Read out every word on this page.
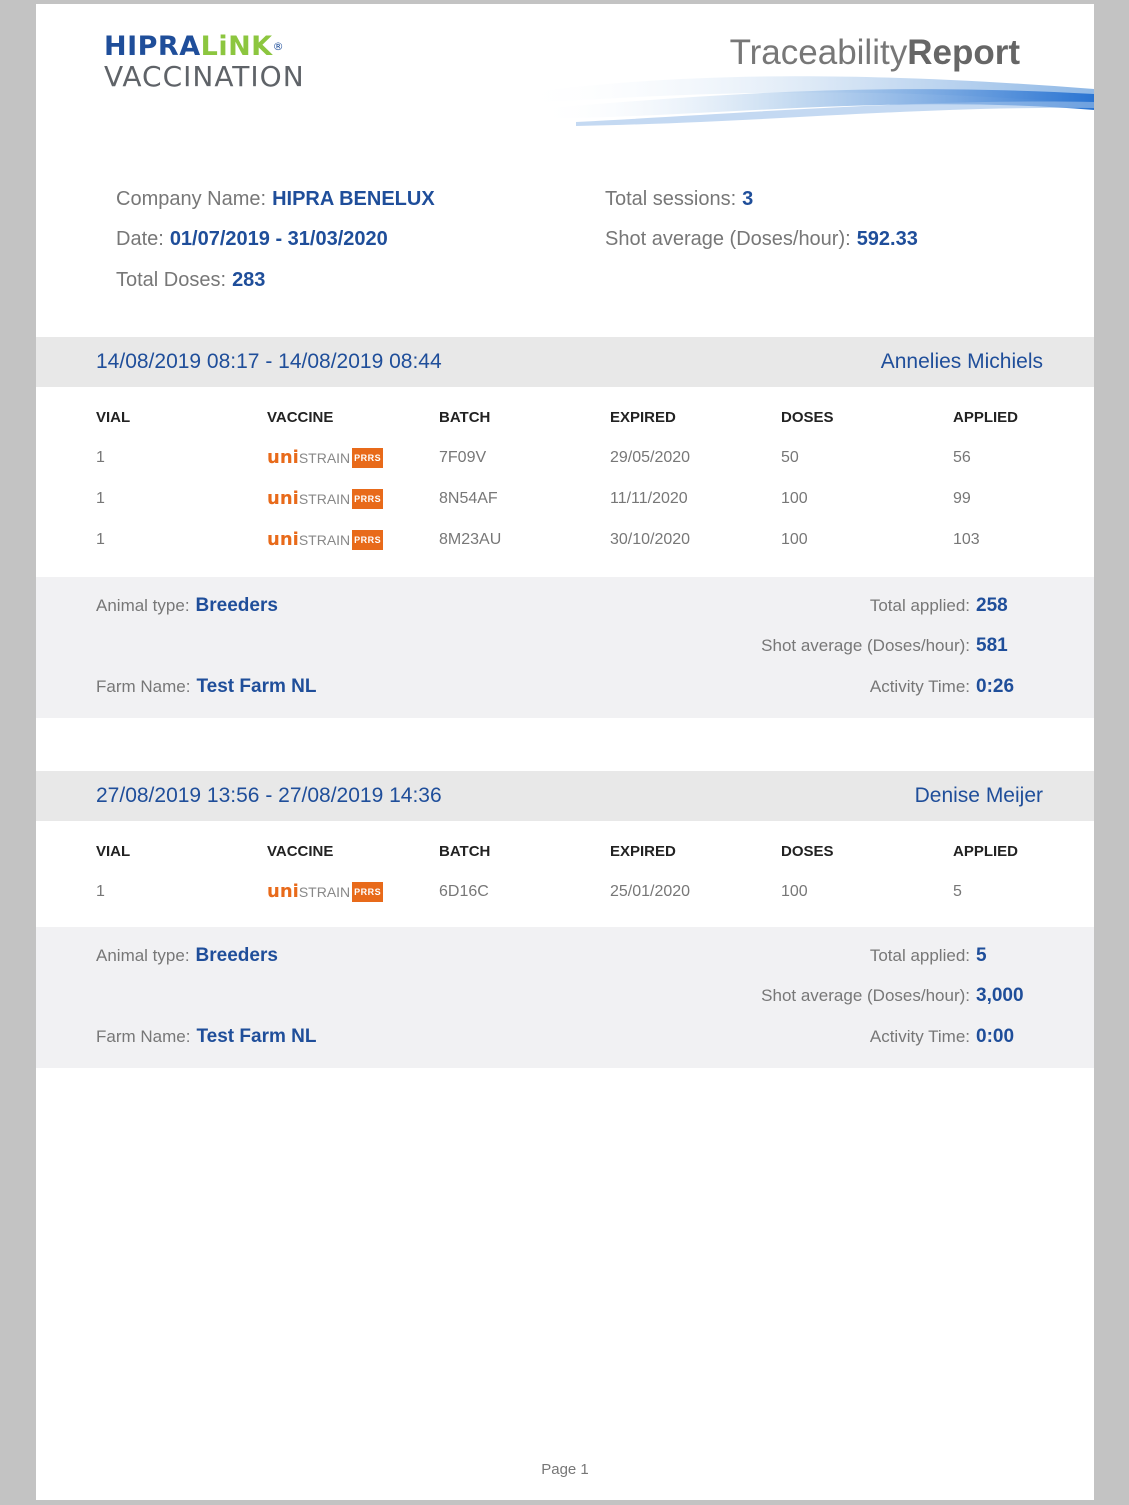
HIPRALiNK®
VACCINATION
TraceabilityReport
Company Name: HIPRA BENELUX
Date: 01/07/2019 - 31/03/2020
Total Doses: 283
Total sessions: 3
Shot average (Doses/hour): 592.33
14/08/2019 08:17 - 14/08/2019 08:44	Annelies Michiels
VIAL	VACCINE	BATCH	EXPIRED	DOSES	APPLIED
1	uniSTRAIN PRRS	7F09V	29/05/2020	50	56
1	uniSTRAIN PRRS	8N54AF	11/11/2020	100	99
1	uniSTRAIN PRRS	8M23AU	30/10/2020	100	103
Animal type: Breeders
Farm Name: Test Farm NL
Total applied: 258
Shot average (Doses/hour): 581
Activity Time: 0:26
27/08/2019 13:56 - 27/08/2019 14:36	Denise Meijer
VIAL	VACCINE	BATCH	EXPIRED	DOSES	APPLIED
1	uniSTRAIN PRRS	6D16C	25/01/2020	100	5
Animal type: Breeders
Farm Name: Test Farm NL
Total applied: 5
Shot average (Doses/hour): 3,000
Activity Time: 0:00
Page 1
